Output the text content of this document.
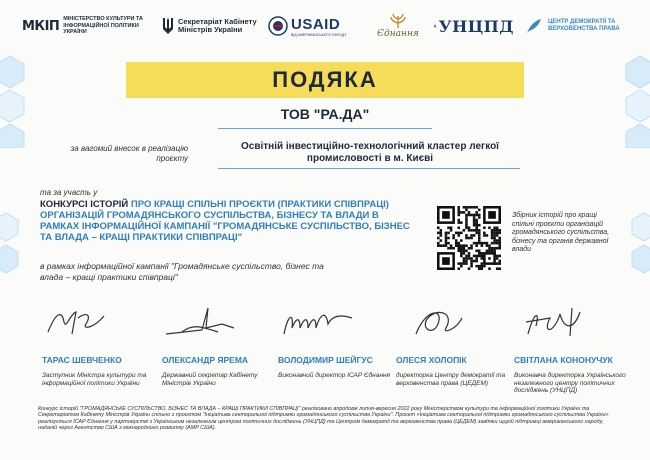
МКІП МІНІСТЕРСТВО КУЛЬТУРИ ТА ІНФОРМАЦІЙНОЇ ПОЛІТИКИ УКРАЇНИ
Секретаріат Кабінету Міністрів України	USAID
ВІД АМЕРИКАНСЬКОГО НАРОДУ	Єднання УНЦПД	ЦЕНТР ДЕМОКРАТІЇ ТА ВЕРХОВЕНСТВА ПРАВА
ПОДЯКА
ТОВ "РА.ДА"
за вагомий внесок в реалізацію проєкту
Освітній інвестиційно-технологічний кластер легкої промисловості в м. Києві
та за участь у
КОНКУРСІ ІСТОРІЙ ПРО КРАЩІ СПІЛЬНІ ПРОЄКТИ (ПРАКТИКИ СПІВПРАЦІ) ОРГАНІЗАЦІЙ ГРОМАДЯНСЬКОГО СУСПІЛЬСТВА, БІЗНЕСУ ТА ВЛАДИ В РАМКАХ ІНФОРМАЦІЙНОЇ КАМПАНІЇ "ГРОМАДЯНСЬКЕ СУСПІЛЬСТВО, БІЗНЕС ТА ВЛАДА – КРАЩІ ПРАКТИКИ СПІВПРАЦІ"
в рамках інформаційної кампанії "Громадянське суспільство, бізнес та влада – кращі практики співпраці"
Збірник історій про кращі спільні проєкти організацій громадянського суспільства, бізнесу та органів державної влади
ТАРАС ШЕВЧЕНКО
Заступник Міністра культури та інформаційної політики України
ОЛЕКСАНДР ЯРЕМА
Державний секретар Кабінету Міністрів України
ВОЛОДИМИР ШЕЙГУС
Виконавчий директор ІСАР Єднання
ОЛЕСЯ ХОЛОПІК
директорка Центру демократії та верховенства права (ЦЕДЕМ)
СВІТЛАНА КОНОНУЧУК
Виконавча директорка Українського незалежного центру політичних досліджень (УНЦПД)
Конкурс історій "ГРОМАДЯНСЬКЕ СУСПІЛЬСТВО, БІЗНЕС ТА ВЛАДА – КРАЩІ ПРАКТИКИ СПІВПРАЦІ" реалізовано впродовж липня-вересня 2022 року Міністерством культури та інформаційної політики України та Секретаріатом Кабінету Міністрів України спільно з проєктом "Ініціатива секторальної підтримки громадянського суспільства України". Проєкт «Ініціатива секторальної підтримки громадянського суспільства України» реалізується ІСАР Єднання у партнерстві з Українським незалежним центром політичних досліджень (УНЦПД) та Центром демократії та верховенства права (ЦЕДЕМ) завдяки щирій підтримці американського народу, наданій через Агентство США з міжнародного розвитку (АМР США).
